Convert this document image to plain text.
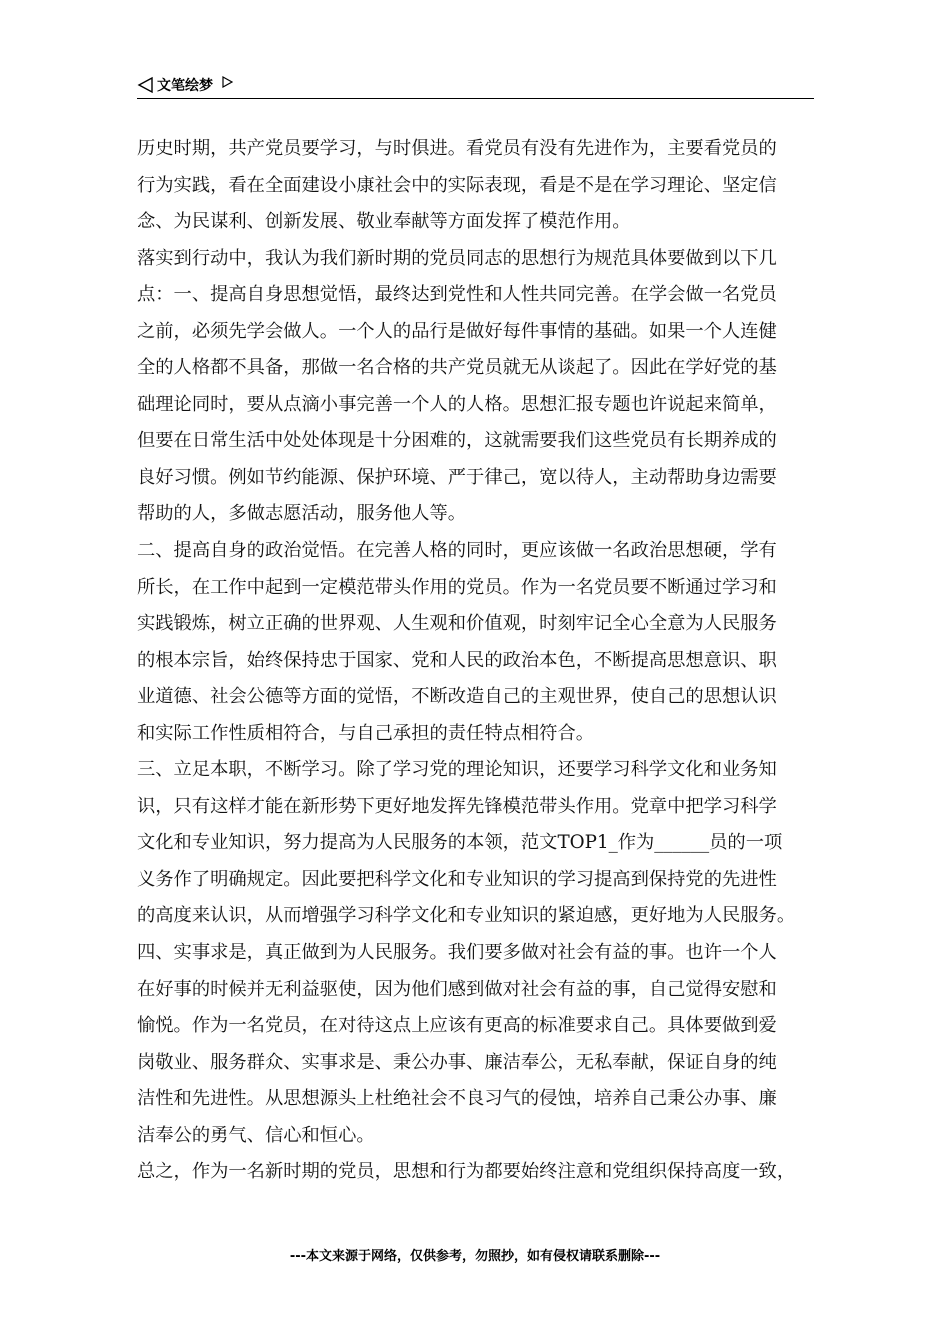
文笔绘梦
历史时期，共产党员要学习，与时俱进。看党员有没有先进作为，主要看党员的
行为实践，看在全面建设小康社会中的实际表现，看是不是在学习理论、坚定信
念、为民谋利、创新发展、敬业奉献等方面发挥了模范作用。
落实到行动中，我认为我们新时期的党员同志的思想行为规范具体要做到以下几
点：一、提高自身思想觉悟，最终达到党性和人性共同完善。在学会做一名党员
之前，必须先学会做人。一个人的品行是做好每件事情的基础。如果一个人连健
全的人格都不具备，那做一名合格的共产党员就无从谈起了。因此在学好党的基
础理论同时，要从点滴小事完善一个人的人格。思想汇报专题也许说起来简单，
但要在日常生活中处处体现是十分困难的，这就需要我们这些党员有长期养成的
良好习惯。例如节约能源、保护环境、严于律己，宽以待人，主动帮助身边需要
帮助的人，多做志愿活动，服务他人等。
二、提高自身的政治觉悟。在完善人格的同时，更应该做一名政治思想硬，学有
所长，在工作中起到一定模范带头作用的党员。作为一名党员要不断通过学习和
实践锻炼，树立正确的世界观、人生观和价值观，时刻牢记全心全意为人民服务
的根本宗旨，始终保持忠于国家、党和人民的政治本色，不断提高思想意识、职
业道德、社会公德等方面的觉悟，不断改造自己的主观世界，使自己的思想认识
和实际工作性质相符合，与自己承担的责任特点相符合。
三、立足本职，不断学习。除了学习党的理论知识，还要学习科学文化和业务知
识，只有这样才能在新形势下更好地发挥先锋模范带头作用。党章中把学习科学
文化和专业知识，努力提高为人民服务的本领，范文TOP1_作为______员的一项
义务作了明确规定。因此要把科学文化和专业知识的学习提高到保持党的先进性
的高度来认识，从而增强学习科学文化和专业知识的紧迫感，更好地为人民服务。
四、实事求是，真正做到为人民服务。我们要多做对社会有益的事。也许一个人
在好事的时候并无利益驱使，因为他们感到做对社会有益的事，自己觉得安慰和
愉悦。作为一名党员，在对待这点上应该有更高的标准要求自己。具体要做到爱
岗敬业、服务群众、实事求是、秉公办事、廉洁奉公，无私奉献，保证自身的纯
洁性和先进性。从思想源头上杜绝社会不良习气的侵蚀，培养自己秉公办事、廉
洁奉公的勇气、信心和恒心。
总之，作为一名新时期的党员，思想和行为都要始终注意和党组织保持高度一致，
---本文来源于网络，仅供参考，勿照抄，如有侵权请联系删除---
